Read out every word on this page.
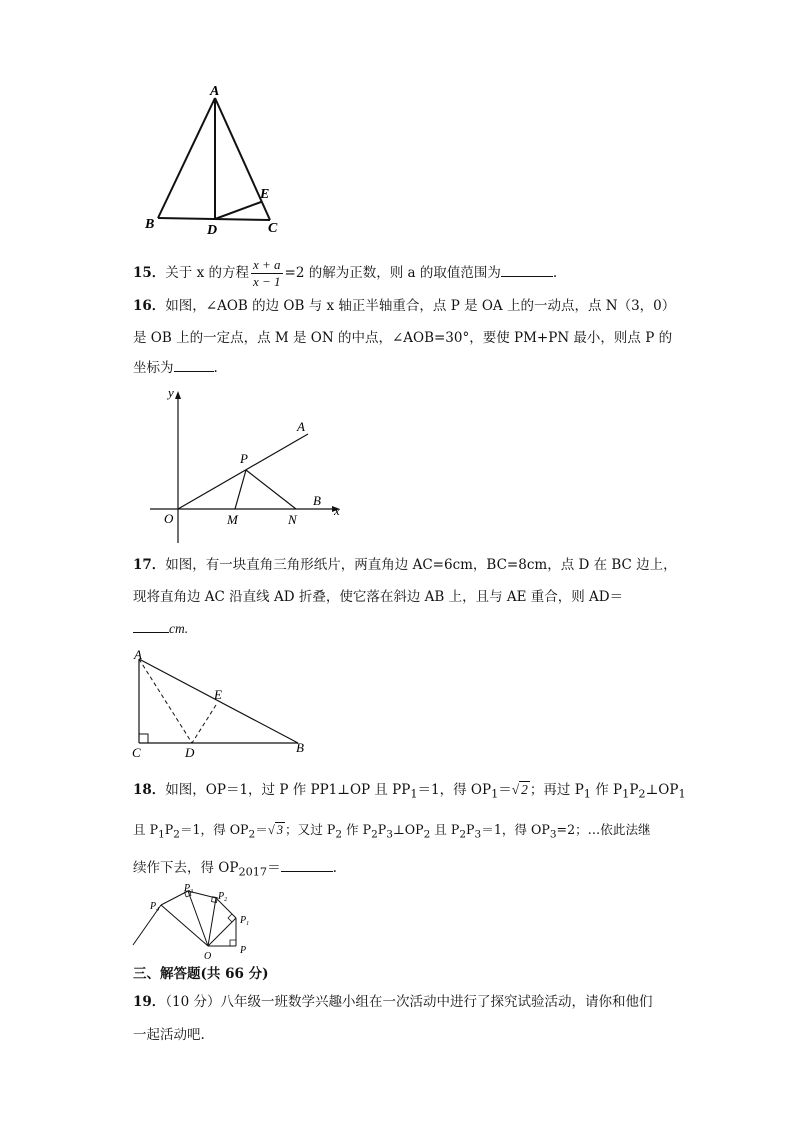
A
B	C
D
E
15．关于 x 的方程 $\frac{x + a}{x - 1} =2$ 的解为正数，则 a 的取值范围为	.
16．如图，∠AOB 的边 OB 与 x 轴正半轴重合，点 P 是 OA 上的一动点，点 N（3，0）
是 OB 上的一定点，点 M 是 ON 的中点，∠AOB=30°，要使 PM+PN 最小，则点 P 的
坐标为	.
y
x
O
A
P
M	N
B
17．如图，有一块直角三角形纸片，两直角边 AC=6cm，BC=8cm，点 D 在 BC 边上，
现将直角边 AC 沿直线 AD 折叠，使它落在斜边 AB 上，且与 AE 重合，则 AD＝
cm.
A
C	D
E
B
18．如图，OP＝1，过 P 作 PP1⊥OP 且 $PP_1=1$，得 $OP_1=√$ 2 ；再过 $P_1$ 作 $P_1P_2\perp OP_1$
且 $P_1P_2=1$，得 $OP_2=√$ 3 ；又过 $P_2$ 作 $P_2P_3\perp OP_2$ 且 $P_2P_3=1$，得 $OP_3=2$；…依此法继
续作下去，得 $OP_{2017}=$	.
O
P
$P_1$
$P_2$
$P_3$
$P_4$
三、解答题(共 66 分)
19．（10 分）八年级一班数学兴趣小组在一次活动中进行了探究试验活动，请你和他们
一起活动吧.
